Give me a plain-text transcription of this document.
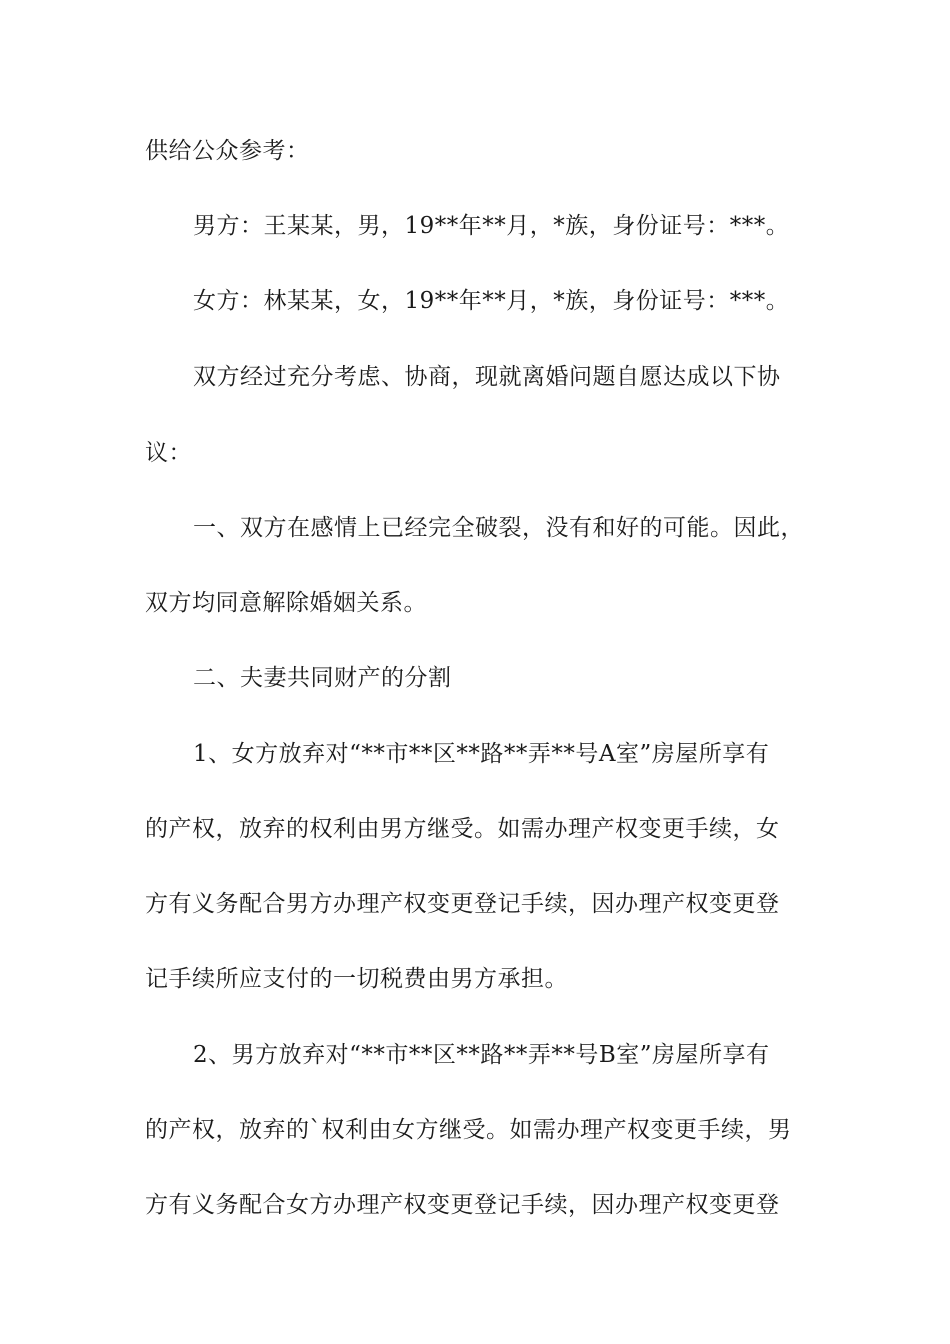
供给公众参考：
男方：王某某，男，19**年**月，*族，身份证号：***。
女方：林某某，女，19**年**月，*族，身份证号：***。
双方经过充分考虑、协商，现就离婚问题自愿达成以下协
议：
一、双方在感情上已经完全破裂，没有和好的可能。因此，
双方均同意解除婚姻关系。
二、夫妻共同财产的分割
1、女方放弃对“**市**区**路**弄**号A室”房屋所享有
的产权，放弃的权利由男方继受。如需办理产权变更手续，女
方有义务配合男方办理产权变更登记手续，因办理产权变更登
记手续所应支付的一切税费由男方承担。
2、男方放弃对“**市**区**路**弄**号B室”房屋所享有
的产权，放弃的`权利由女方继受。如需办理产权变更手续，男
方有义务配合女方办理产权变更登记手续，因办理产权变更登
